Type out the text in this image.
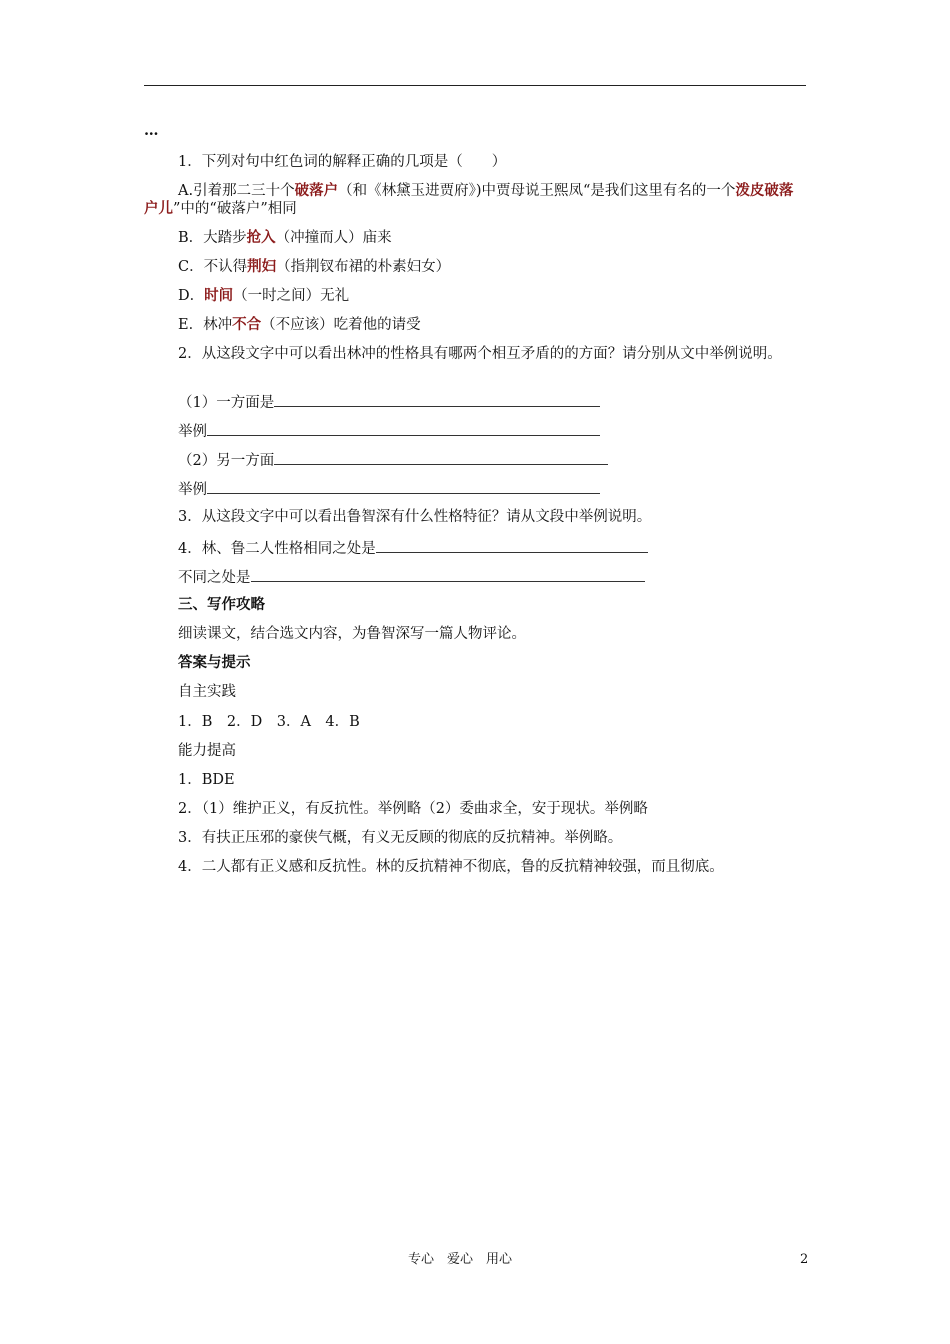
…
1．下列对句中红色词的解释正确的几项是（　　）
A.引着那二三十个破落户（和《林黛玉进贾府》)中贾母说王熙凤“是我们这里有名的一个泼皮破落户儿”中的“破落户”相同
B．大踏步抢入（冲撞而人）庙来
C．不认得荆妇（指荆钗布裙的朴素妇女）
D．时间（一时之间）无礼
E．林冲不合（不应该）吃着他的请受
2．从这段文字中可以看出林冲的性格具有哪两个相互矛盾的的方面？请分别从文中举例说明。
（1）一方面是
举例
（2）另一方面
举例
3．从这段文字中可以看出鲁智深有什么性格特征？请从文段中举例说明。
4．林、鲁二人性格相同之处是
不同之处是
三、写作攻略
细读课文，结合选文内容，为鲁智深写一篇人物评论。
答案与提示
自主实践
1．B　2．D　3．A　4．B
能力提高
1．BDE
2．（1）维护正义，有反抗性。举例略（2）委曲求全，安于现状。举例略
3．有扶正压邪的豪侠气概，有义无反顾的彻底的反抗精神。举例略。
4．二人都有正义感和反抗性。林的反抗精神不彻底，鲁的反抗精神较强，而且彻底。
专心　爱心　用心	2
